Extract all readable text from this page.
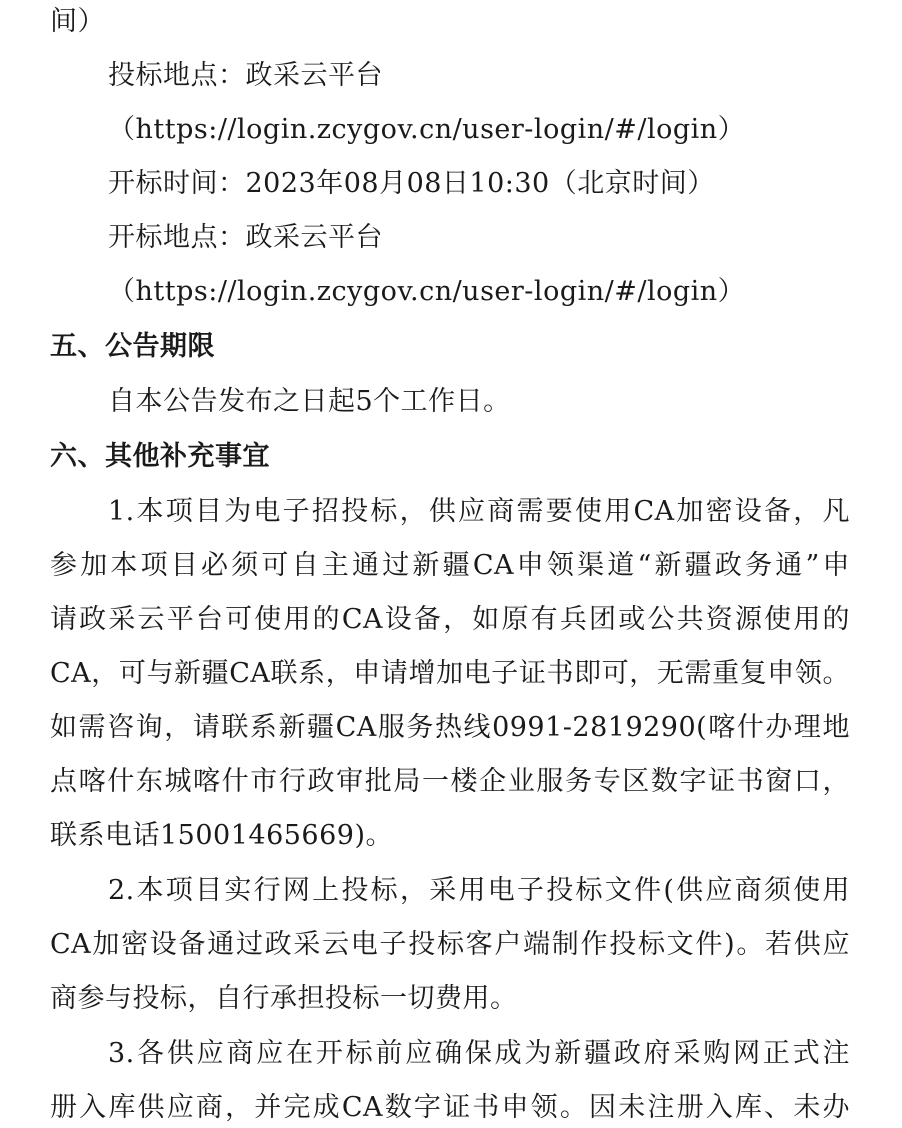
间）
投标地点：政采云平台
（https://login.zcygov.cn/user-login/#/login）
开标时间：2023年08月08日10:30（北京时间）
开标地点：政采云平台
（https://login.zcygov.cn/user-login/#/login）
五、公告期限
自本公告发布之日起5个工作日。
六、其他补充事宜
1.本项目为电子招投标，供应商需要使用CA加密设备，凡
参加本项目必须可自主通过新疆CA申领渠道“新疆政务通”申
请政采云平台可使用的CA设备，如原有兵团或公共资源使用的
CA，可与新疆CA联系，申请增加电子证书即可，无需重复申领。
如需咨询，请联系新疆CA服务热线0991-2819290(喀什办理地
点喀什东城喀什市行政审批局一楼企业服务专区数字证书窗口，
联系电话15001465669)。
2.本项目实行网上投标，采用电子投标文件(供应商须使用
CA加密设备通过政采云电子投标客户端制作投标文件)。若供应
商参与投标，自行承担投标一切费用。
3.各供应商应在开标前应确保成为新疆政府采购网正式注
册入库供应商，并完成CA数字证书申领。因未注册入库、未办
